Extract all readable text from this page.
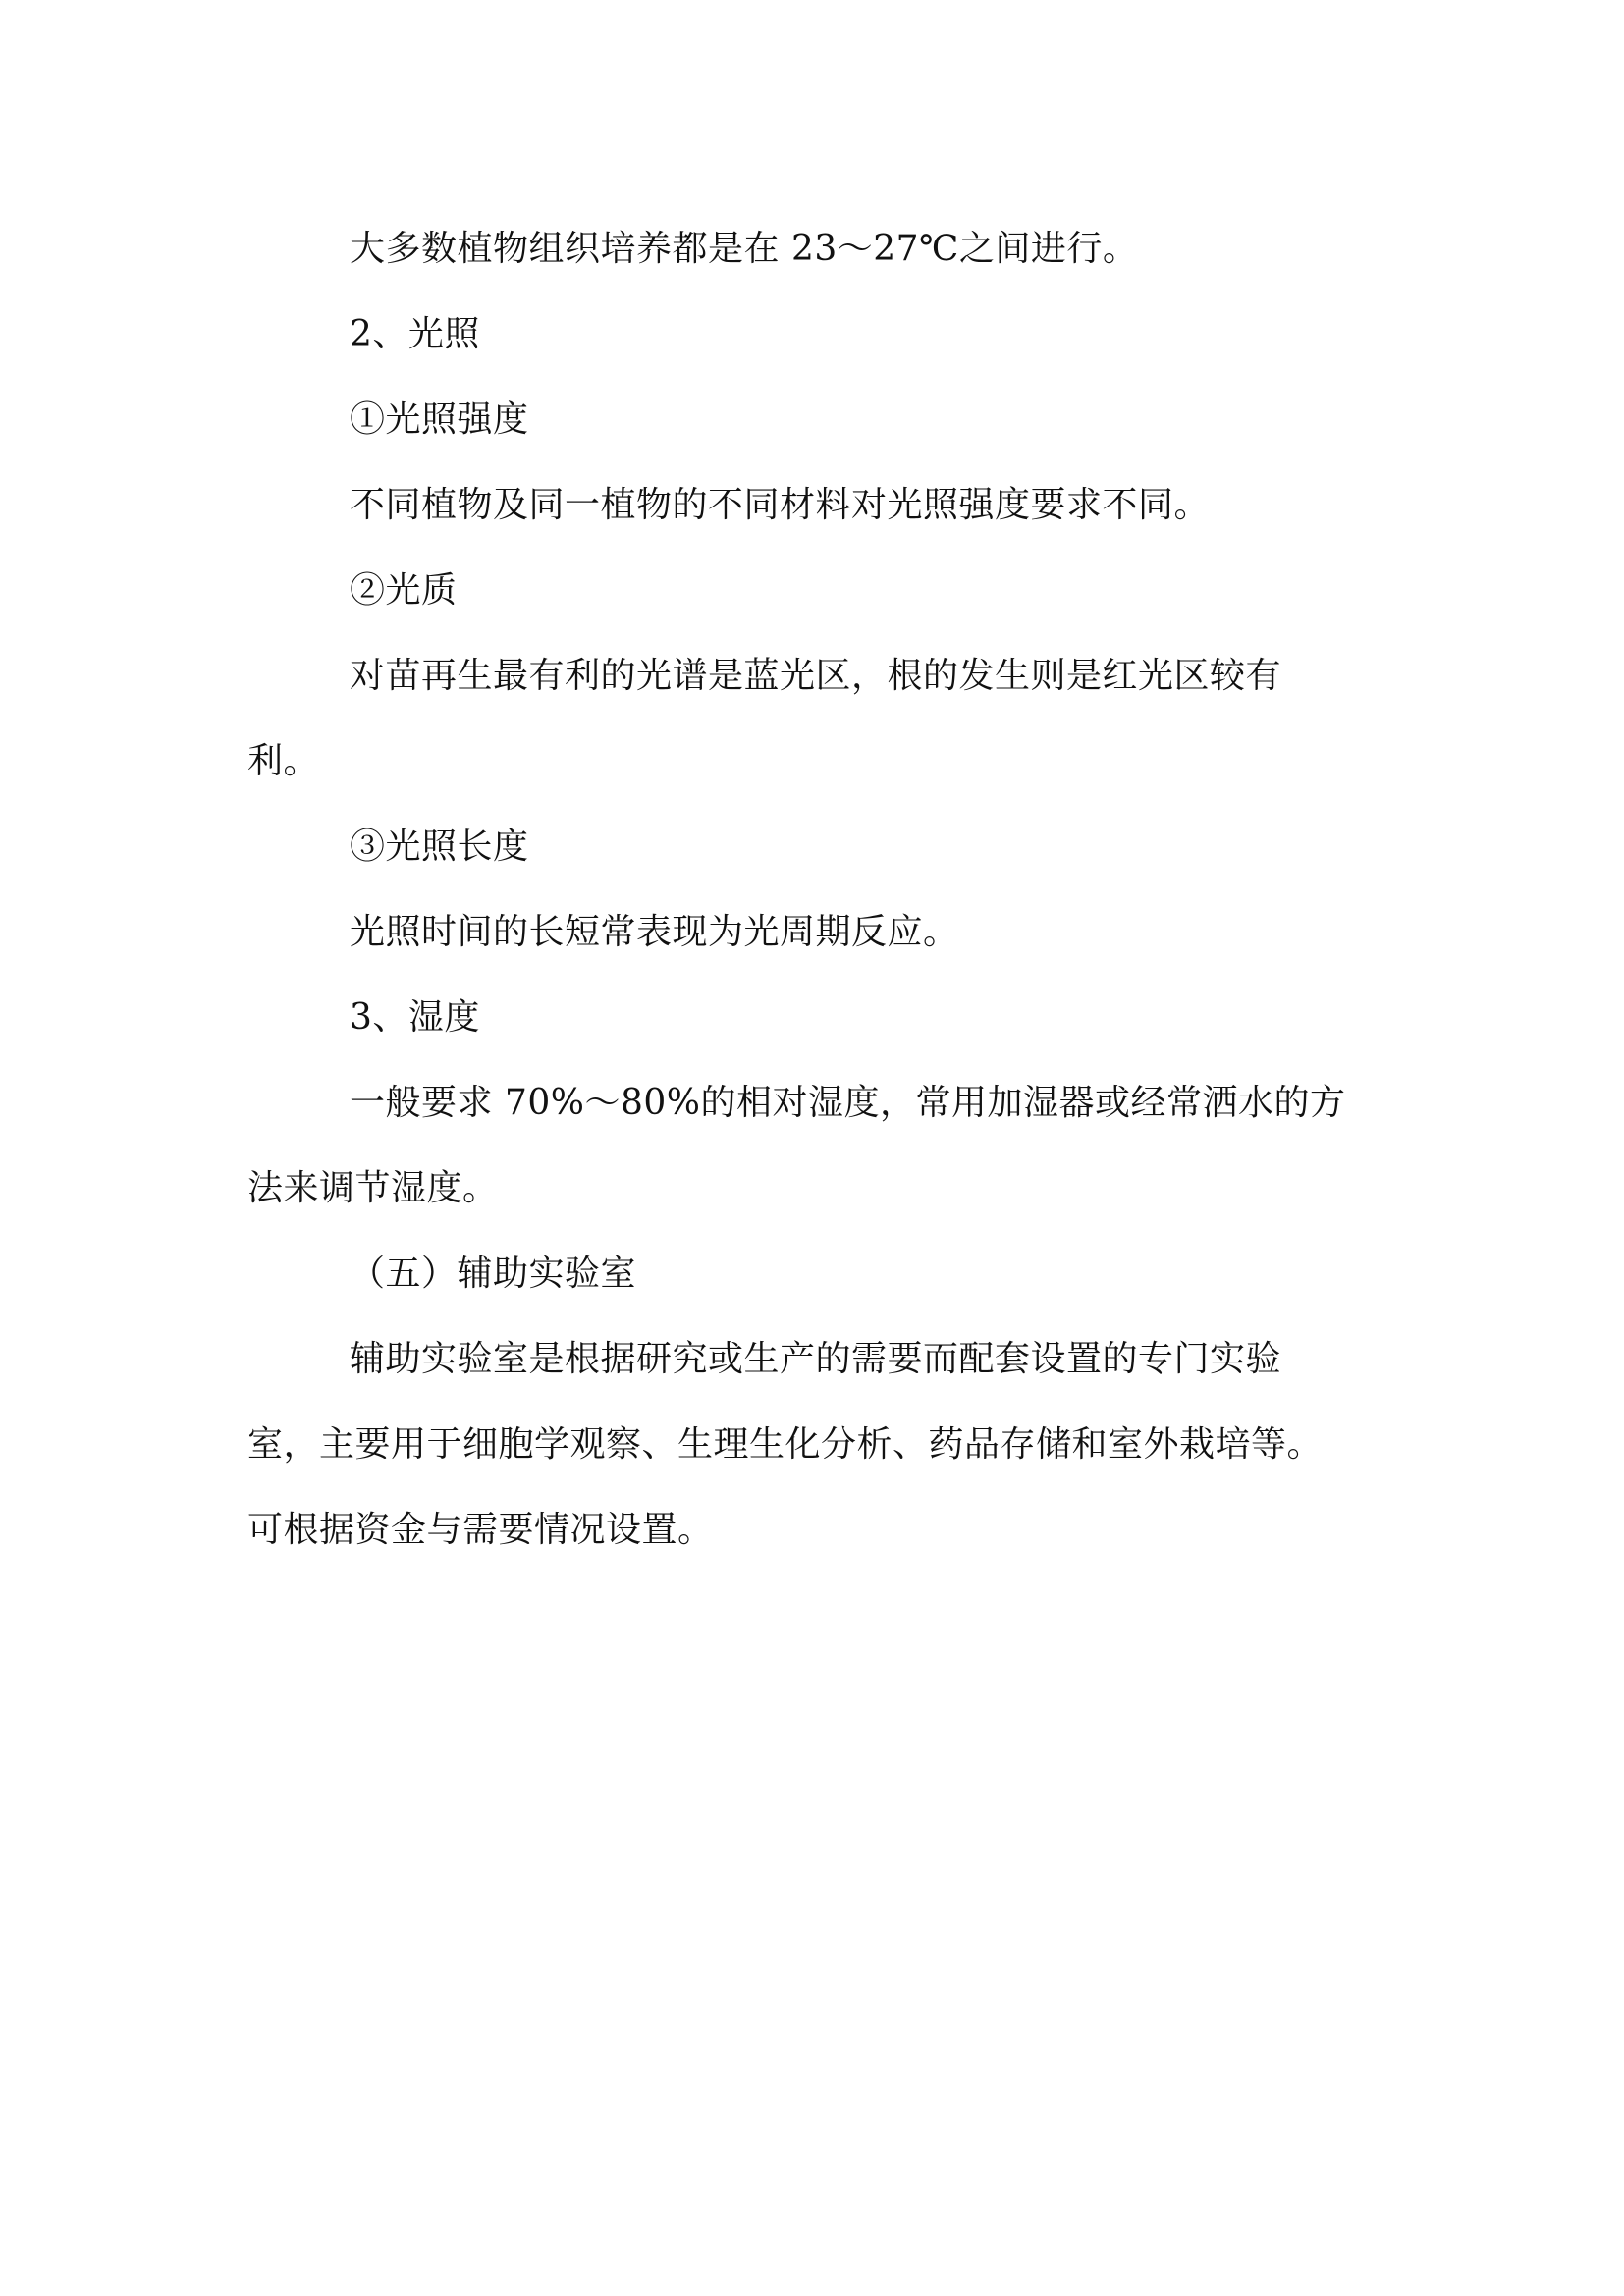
大多数植物组织培养都是在 23～27℃之间进行。

2、光照

①光照强度

不同植物及同一植物的不同材料对光照强度要求不同。

②光质

对苗再生最有利的光谱是蓝光区，根的发生则是红光区较有

利。

③光照长度

光照时间的长短常表现为光周期反应。

3、湿度

一般要求 70%～80%的相对湿度，常用加湿器或经常洒水的方

法来调节湿度。

（五）辅助实验室

辅助实验室是根据研究或生产的需要而配套设置的专门实验

室，主要用于细胞学观察、生理生化分析、药品存储和室外栽培等。

可根据资金与需要情况设置。
